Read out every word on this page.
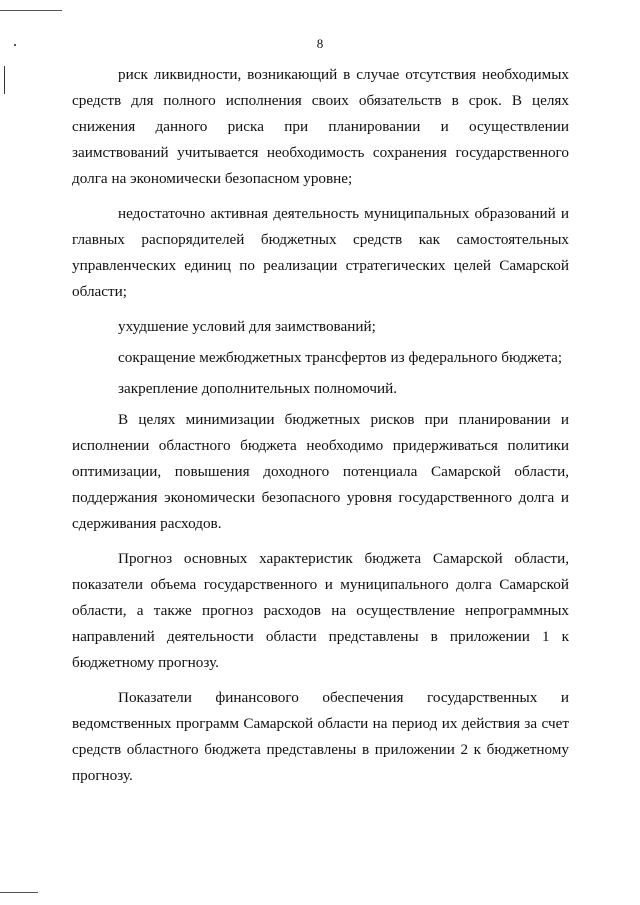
8

риск ликвидности, возникающий в случае отсутствия необходимых средств для полного исполнения своих обязательств в срок. В целях снижения данного риска при планировании и осуществлении заимствований учитывается необходимость сохранения государственного долга на экономически безопасном уровне;

недостаточно активная деятельность муниципальных образований и главных распорядителей бюджетных средств как самостоятельных управленческих единиц по реализации стратегических целей Самарской области;

ухудшение условий для заимствований;

сокращение межбюджетных трансфертов из федерального бюджета;

закрепление дополнительных полномочий.

В целях минимизации бюджетных рисков при планировании и исполнении областного бюджета необходимо придерживаться политики оптимизации, повышения доходного потенциала Самарской области, поддержания экономически безопасного уровня государственного долга и сдерживания расходов.

Прогноз основных характеристик бюджета Самарской области, показатели объема государственного и муниципального долга Самарской области, а также прогноз расходов на осуществление непрограммных направлений деятельности области представлены в приложении 1 к бюджетному прогнозу.

Показатели финансового обеспечения государственных и ведомственных программ Самарской области на период их действия за счет средств областного бюджета представлены в приложении 2 к бюджетному прогнозу.
